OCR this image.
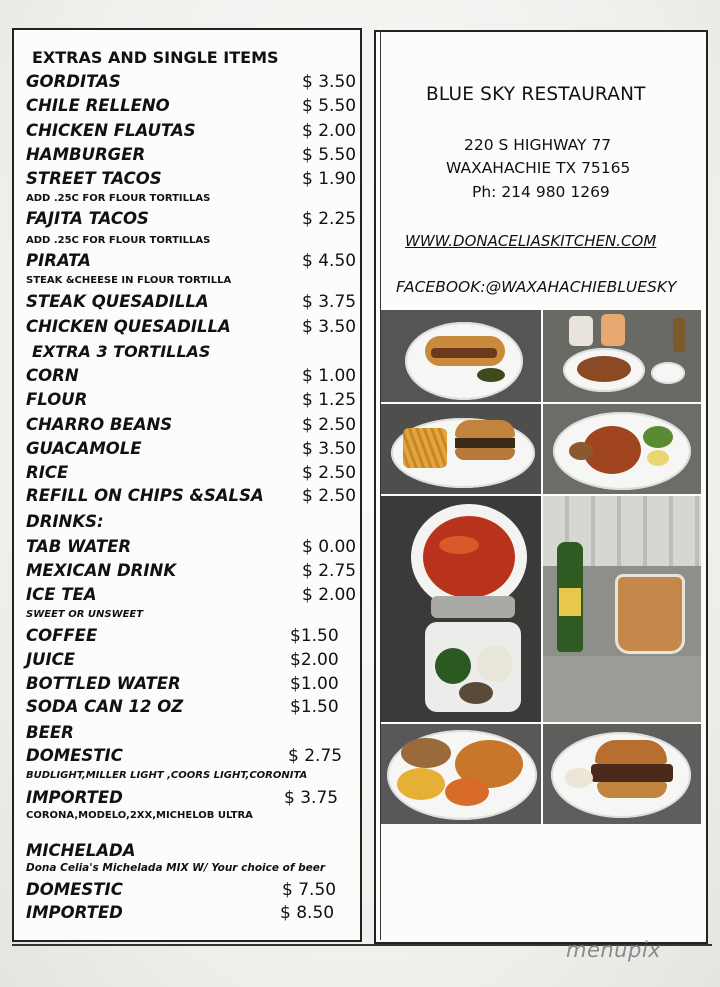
EXTRAS AND SINGLE ITEMS
GORDITAS	$ 3.50
CHILE RELLENO	$ 5.50
CHICKEN FLAUTAS	$ 2.00
HAMBURGER	$ 5.50
STREET TACOS	$ 1.90
ADD .25C FOR FLOUR TORTILLAS
FAJITA TACOS	$ 2.25
ADD .25C FOR FLOUR TORTILLAS
PIRATA	$ 4.50
STEAK &CHEESE IN FLOUR TORTILLA
STEAK QUESADILLA	$ 3.75
CHICKEN QUESADILLA	$ 3.50
EXTRA 3 TORTILLAS
CORN	$ 1.00
FLOUR	$ 1.25
CHARRO BEANS	$ 2.50
GUACAMOLE	$ 3.50
RICE	$ 2.50
REFILL ON CHIPS &SALSA $ 2.50
DRINKS:
TAB WATER	$ 0.00
MEXICAN DRINK	$ 2.75
ICE TEA	$ 2.00
SWEET OR UNSWEET
COFFEE	$1.50
JUICE	$2.00
BOTTLED WATER	$1.00
SODA CAN 12 OZ	$1.50
BEER
DOMESTIC	$ 2.75
BUDLIGHT,MILLER LIGHT ,COORS LIGHT,CORONITA
IMPORTED	$ 3.75
CORONA,MODELO,2XX,MICHELOB ULTRA
MICHELADA
Dona Celia's Michelada MIX W/ Your choice of beer
DOMESTIC	$ 7.50
IMPORTED	$ 8.50
BLUE SKY RESTAURANT
220 S HIGHWAY 77
WAXAHACHIE TX 75165
Ph: 214 980 1269
WWW.DONACELIASKITCHEN.COM
FACEBOOK:@WAXAHACHIEBLUESKY
menupix
